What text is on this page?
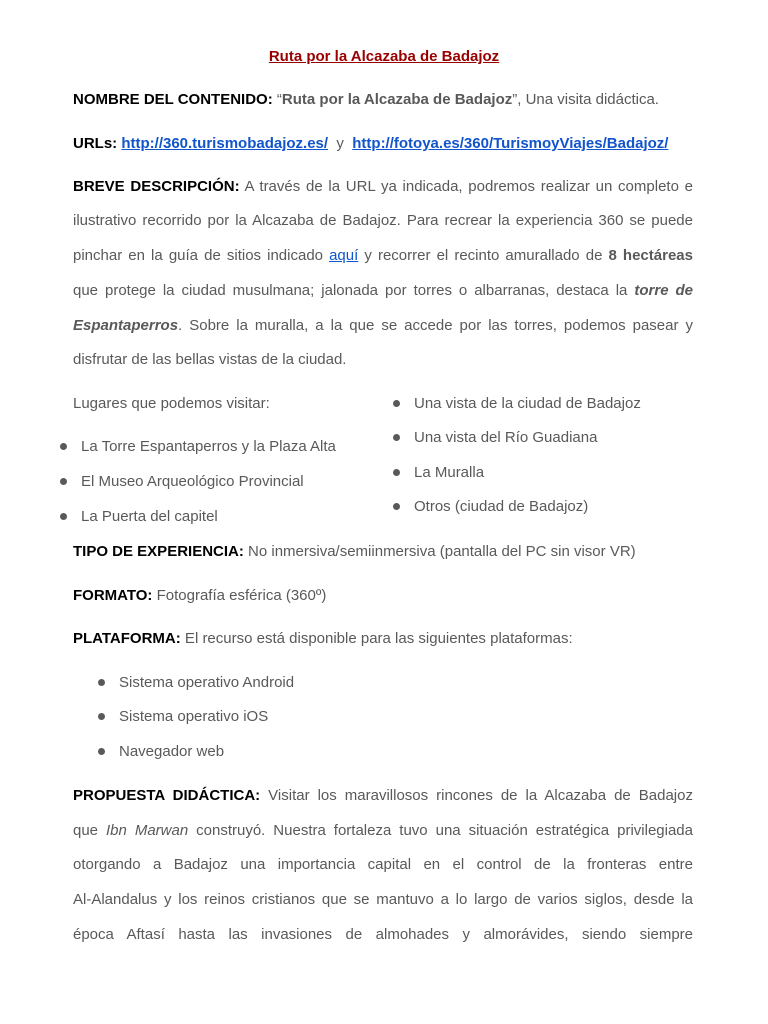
Ruta por la Alcazaba de Badajoz
NOMBRE DEL CONTENIDO: “Ruta por la Alcazaba de Badajoz”, Una visita didáctica.
URLs: http://360.turismobadajoz.es/ y http://fotoya.es/360/TurismoyViajes/Badajoz/
BREVE DESCRIPCIÓN: A través de la URL ya indicada, podremos realizar un completo e
ilustrativo recorrido por la Alcazaba de Badajoz. Para recrear la experiencia 360 se puede
pinchar en la guía de sitios indicado aquí y recorrer el recinto amurallado de 8 hectáreas
que protege la ciudad musulmana; jalonada por torres o albarranas, destaca la torre de
Espantaperros. Sobre la muralla, a la que se accede por las torres, podemos pasear y
disfrutar de las bellas vistas de la ciudad.
Lugares que podemos visitar:
La Torre Espantaperros y la Plaza Alta
El Museo Arqueológico Provincial
La Puerta del capitel
Una vista de la ciudad de Badajoz
Una vista del Río Guadiana
La Muralla
Otros (ciudad de Badajoz)
TIPO DE EXPERIENCIA: No inmersiva/semiinmersiva (pantalla del PC sin visor VR)
FORMATO: Fotografía esférica (360º)
PLATAFORMA: El recurso está disponible para las siguientes plataformas:
Sistema operativo Android
Sistema operativo iOS
Navegador web
PROPUESTA DIDÁCTICA: Visitar los maravillosos rincones de la Alcazaba de Badajoz
que Ibn Marwan construyó. Nuestra fortaleza tuvo una situación estratégica privilegiada
otorgando a Badajoz una importancia capital en el control de la fronteras entre
Al-Alandalus y los reinos cristianos que se mantuvo a lo largo de varios siglos, desde la
época Aftasí hasta las invasiones de almohades y almorávides, siendo siempre
